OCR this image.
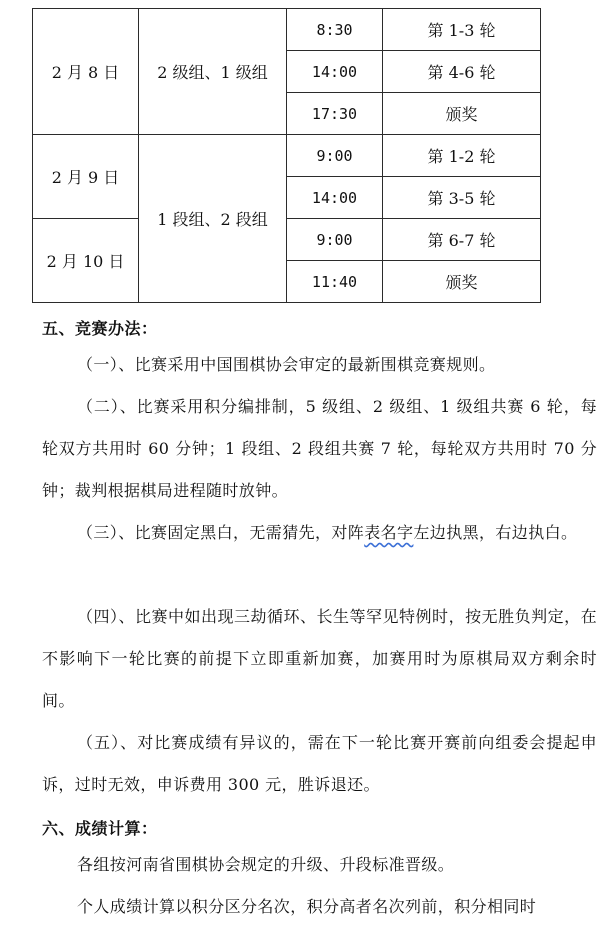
2 月 8 日	2 级组、1 级组	8:30	第 1-3 轮
		14:00	第 4-6 轮
		17:30	颁奖
2 月 9 日	1 段组、2 段组	9:00	第 1-2 轮
		14:00	第 3-5 轮
2 月 10 日		9:00	第 6-7 轮
		11:40	颁奖
五、竞赛办法：
（一）、比赛采用中国围棋协会审定的最新围棋竞赛规则。
（二）、比赛采用积分编排制，5 级组、2 级组、1 级组共赛 6 轮，每轮双方共用时 60 分钟；1 段组、2 段组共赛 7 轮，每轮双方共用时 70 分钟；裁判根据棋局进程随时放钟。
（三）、比赛固定黑白，无需猜先，对阵表名字左边执黑，右边执白。
（四）、比赛中如出现三劫循环、长生等罕见特例时，按无胜负判定，在不影响下一轮比赛的前提下立即重新加赛，加赛用时为原棋局双方剩余时间。
（五）、对比赛成绩有异议的，需在下一轮比赛开赛前向组委会提起申诉，过时无效，申诉费用 300 元，胜诉退还。
六、成绩计算：
各组按河南省围棋协会规定的升级、升段标准晋级。
个人成绩计算以积分区分名次，积分高者名次列前，积分相同时
